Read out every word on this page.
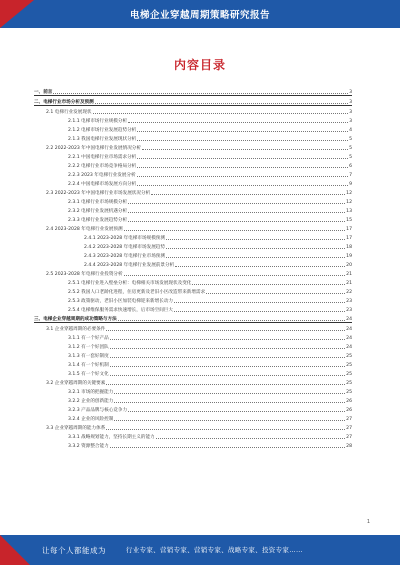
电梯企业穿越周期策略研究报告
内容目录
一、前言	3
二、电梯行业市场分析及预测	3
2.1 电梯行业发展现状	3
2.1.1 电梯市场行业规模分析	3
2.1.2 电梯市场行业发展趋势分析	4
2.1.3 我国电梯行业发展现状分析	5
2.2 2022-2023 年中国电梯行业发展情况分析	5
2.2.1 中国电梯行业市场需求分析	5
2.2.2 电梯行业市场竞争格局分析	6
2.2.3 2023 年电梯行业发展分析	7
2.2.4 中国电梯市场发展方向分析	9
2.3 2022-2023 年中国电梯行业市场发展状况分析	12
2.3.1 电梯行业市场规模分析	12
2.3.2 电梯行业发展机遇分析	13
2.3.3 电梯行业发展趋势分析	15
2.4 2023-2028 年电梯行业发展预测	17
2.4.1 2023-2028 年电梯市场规模预测	17
2.4.2 2023-2028 年电梯市场发展趋势	18
2.4.3 2023-2028 年电梯行业市场预测	19
2.4.4 2023-2028 年电梯行业发展前景分析	20
2.5 2023-2028 年电梯行业投资分析	21
2.5.1 电梯行业进入壁垒分析：电梯相关市场发展现状及变化	21
2.5.2 我国人口老龄化进程，住房更新及老旧小区改造带来新增需求	22
2.5.3 政策驱动，老旧小区加装电梯迎来新增长动力	23
2.5.4 电梯维保服务需求快速增长，后市场空间巨大	23
三、电梯企业穿越周期的成功策略与方法	24
3.1 企业穿越周期的必要条件	24
3.1.1 有一个好产品	24
3.1.2 有一个好团队	24
3.1.3 有一套好制度	25
3.1.4 有一个好机制	25
3.1.5 有一个好文化	25
3.2 企业穿越周期的关键要素	25
3.2.1 市场的把握能力	25
3.2.2 企业的创新能力	26
3.2.3 产品品牌与核心竞争力	26
3.2.4 企业的风险控制	27
3.3 企业穿越周期的能力体系	27
3.3.1 战略规划能力，坚持长期主义的能力	27
3.3.2 资源整合能力	28
1
让每个人都能成为	行业专家、营销专家、营销专家、战略专家、投资专家……
